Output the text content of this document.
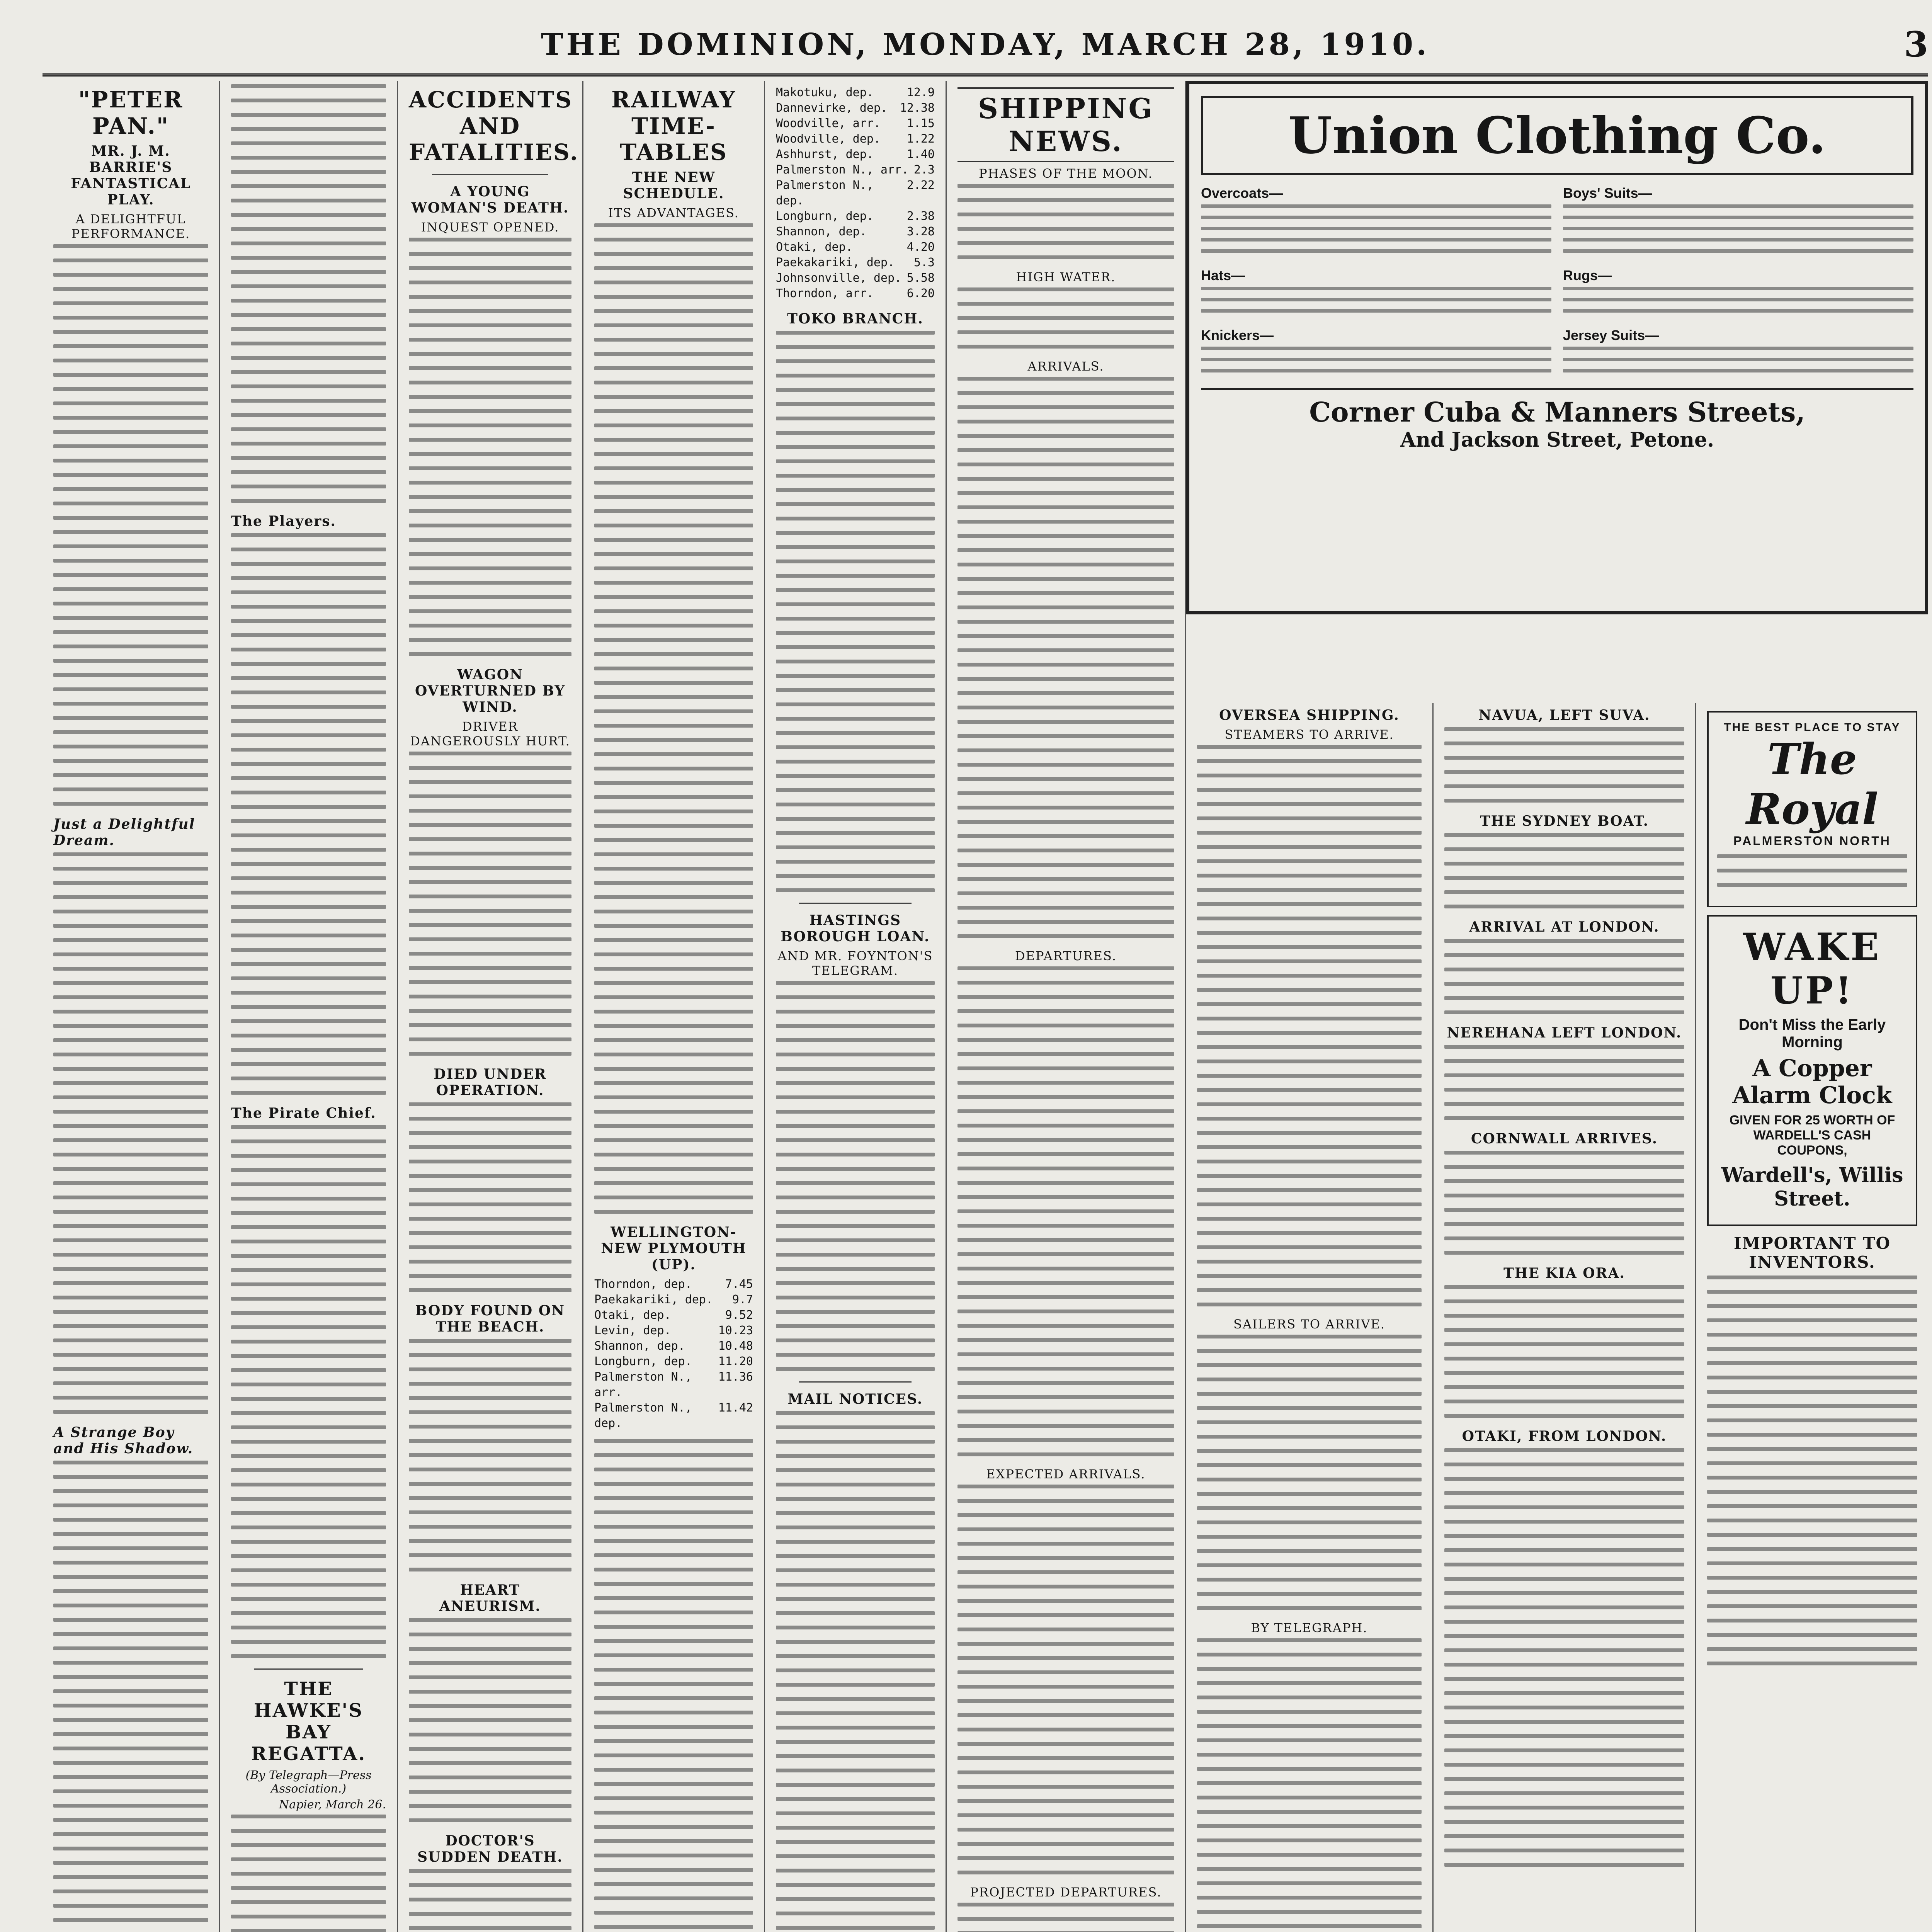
THE DOMINION, MONDAY, MARCH 28, 1910.	3
"PETER PAN."
MR. J. M. BARRIE'S FANTASTICAL PLAY.
A DELIGHTFUL PERFORMANCE.
Just a Delightful Dream.
A Strange Boy and His Shadow.
The Players.
The Pirate Chief.
THE HAWKE'S BAY REGATTA.
(By Telegraph—Press Association.)
Napier, March 26.
ACCIDENTS AND FATALITIES.
A YOUNG WOMAN'S DEATH.
INQUEST OPENED.
WAGON OVERTURNED BY WIND.
DRIVER DANGEROUSLY HURT.
DIED UNDER OPERATION.
BODY FOUND ON THE BEACH.
HEART ANEURISM.
DOCTOR'S SUDDEN DEATH.
RAILWAY TIME-TABLES
THE NEW SCHEDULE.
ITS ADVANTAGES.
WELLINGTON-NEW PLYMOUTH (UP).
Thorndon, dep.	7.45
Paekakariki, dep. 9.7
Otaki, dep.	9.52
Levin, dep.	10.23
Shannon, dep.	10.48
Longburn, dep. 11.20
Palmerston N., arr.
11.36
Palmerston N., dep.
11.42
Makotuku, dep.	12.9
Dannevirke, dep. 12.38
Woodville, arr. 1.15
Woodville, dep. 1.22
Ashhurst, dep.	1.40
Palmerston N., arr. 2.3
Palmerston N., dep.
2.22
Longburn, dep.	2.38
Shannon, dep.	3.28
Otaki, dep.	4.20
Paekakariki, dep. 5.3
Johnsonville, dep. 5.58
Thorndon, arr.	6.20
TOKO BRANCH.
HASTINGS BOROUGH LOAN.
AND MR. FOYNTON'S TELEGRAM.
MAIL NOTICES.
SHIPPING NEWS.
PHASES OF THE MOON.
HIGH WATER.
ARRIVALS.
DEPARTURES.
EXPECTED ARRIVALS.
PROJECTED DEPARTURES.
OVERSEA SHIPPING.
STEAMERS TO ARRIVE.
SAILERS TO ARRIVE.
BY TELEGRAPH.
NAVUA, LEFT SUVA.
THE SYDNEY BOAT.
ARRIVAL AT LONDON.
NEREHANA LEFT LONDON.
CORNWALL ARRIVES.
THE KIA ORA.
OTAKI, FROM LONDON.
THE BEST PLACE TO STAY
The Royal
PALMERSTON NORTH
WAKE UP!
Don't Miss the Early Morning
A Copper Alarm Clock
GIVEN FOR 25 WORTH OF WARDELL'S CASH COUPONS,
Wardell's, Willis Street.
IMPORTANT TO INVENTORS.
Union Clothing Co.
Overcoats—	Boys' Suits—
Hats—	Rugs—
Knickers—	Jersey Suits—
Corner Cuba & Manners Streets,
And Jackson Street, Petone.
